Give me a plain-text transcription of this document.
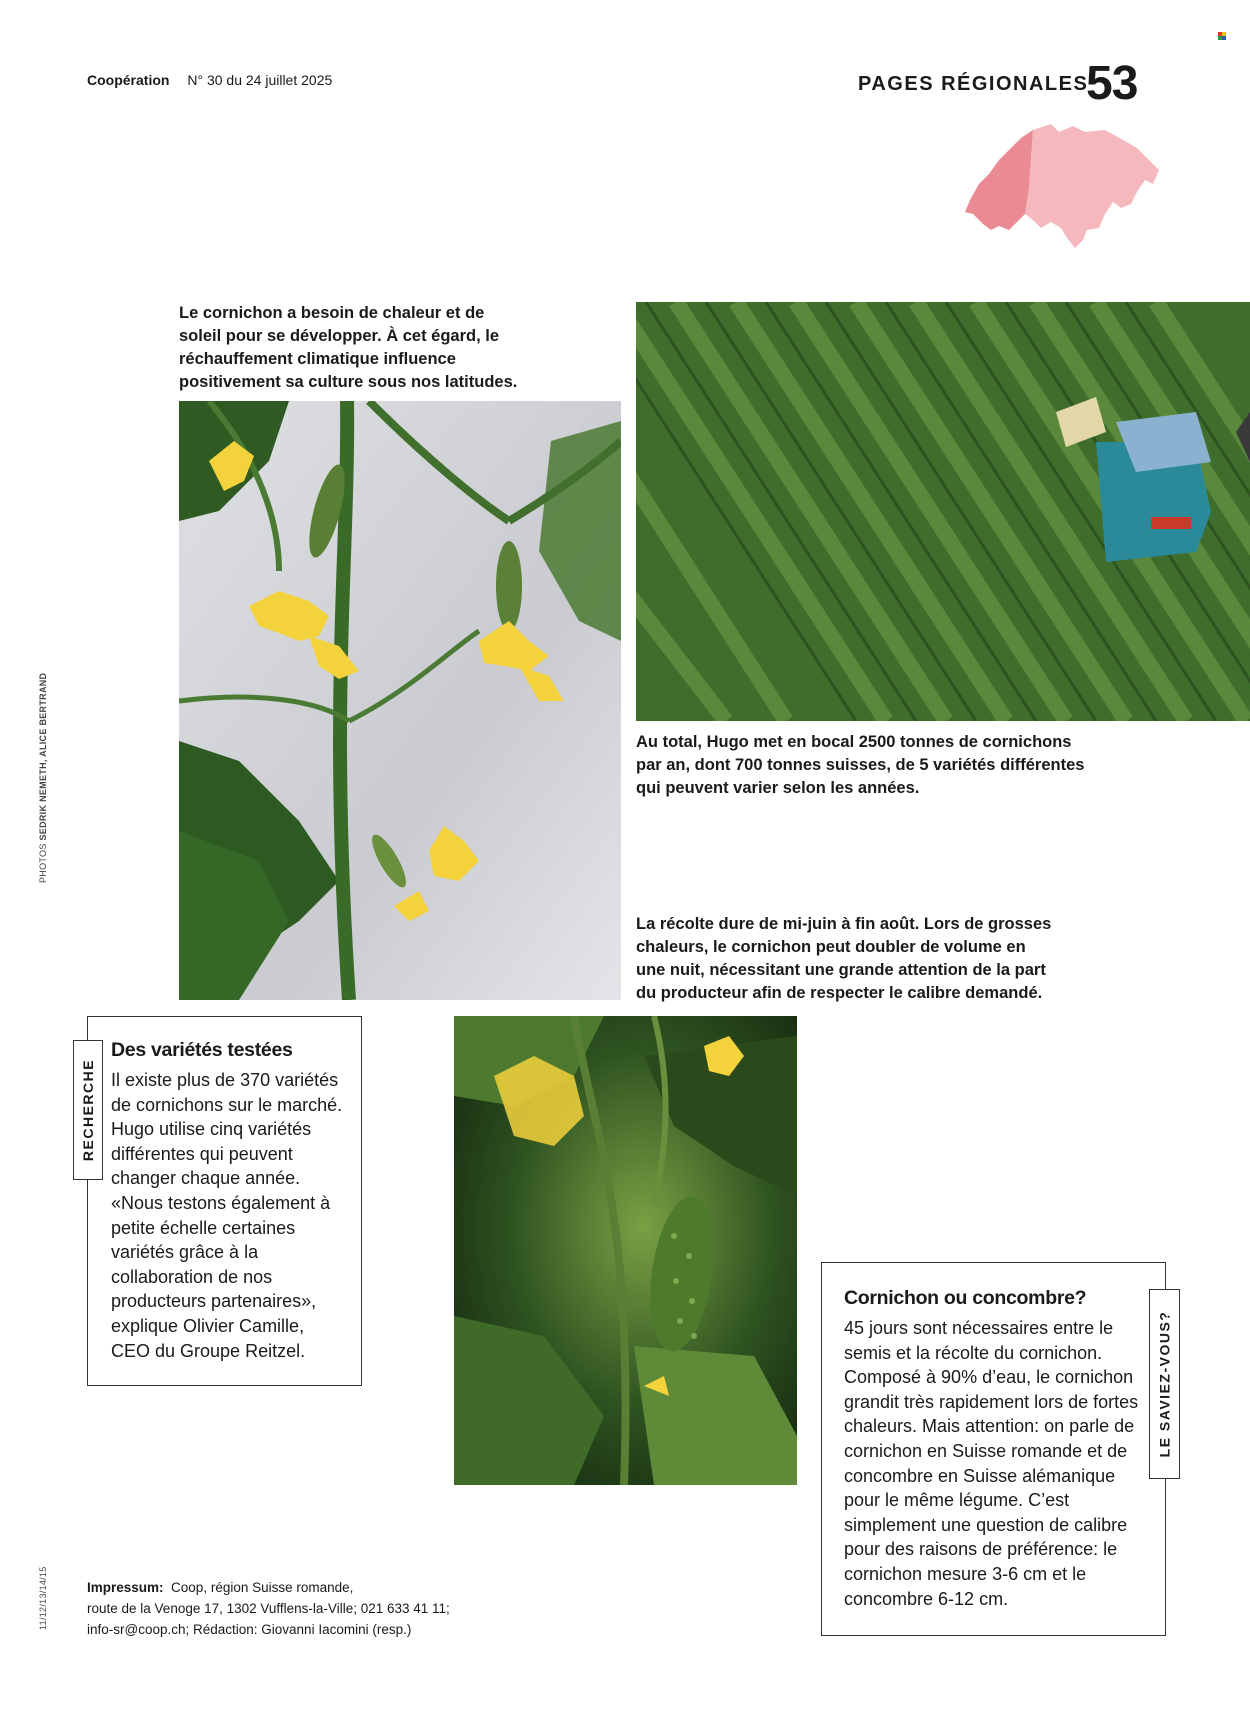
Coopération N° 30 du 24 juillet 2025	PAGES RÉGIONALES
53
PHOTOS SEDRIK NEMETH, ALICE BERTRAND
11/12/13/14/15
Le cornichon a besoin de chaleur et de soleil pour se développer. À cet égard, le réchauffement climatique influence positivement sa culture sous nos latitudes.
Au total, Hugo met en bocal 2500 tonnes de cornichons par an, dont 700 tonnes suisses, de 5 variétés différentes qui peuvent varier selon les années.
La récolte dure de mi-juin à fin août. Lors de grosses chaleurs, le cornichon peut doubler de volume en une nuit, nécessitant une grande attention de la part du producteur afin de respecter le calibre demandé.
Des variétés testées

Il existe plus de 370 variétés de cornichons sur le marché. Hugo utilise cinq variétés différentes qui peuvent changer chaque année. «Nous testons également à petite échelle certaines variétés grâce à la collaboration de nos producteurs partenaires», explique Olivier Camille, CEO du Groupe Reitzel.

RECHERCHE
Cornichon ou concombre?

45 jours sont nécessaires entre le semis et la récolte du cornichon. Composé à 90% d’eau, le cornichon grandit très rapidement lors de fortes chaleurs. Mais attention: on parle de cornichon en Suisse romande et de concombre en Suisse alémanique pour le même légume. C’est simplement une question de calibre pour des raisons de préférence: le cornichon mesure 3-6 cm et le concombre 6-12 cm.

LE SAVIEZ-VOUS?
Impressum: Coop, région Suisse romande,
route de la Venoge 17, 1302 Vufflens-la-Ville; 021 633 41 11;
info-sr@coop.ch; Rédaction: Giovanni Iacomini (resp.)
